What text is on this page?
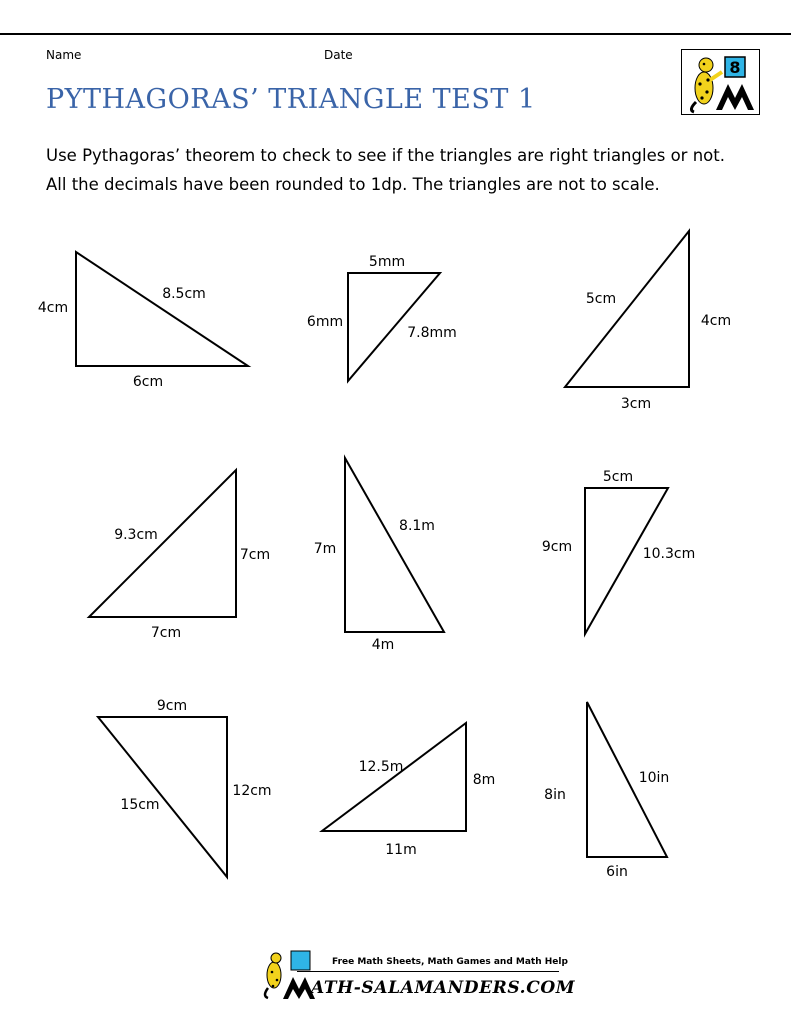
Name	Date
PYTHAGORAS’ TRIANGLE TEST 1
8
Use Pythagoras’ theorem to check to see if the triangles are right triangles or not.
All the decimals have been rounded to 1dp. The triangles are not to scale.
4cm
8.5cm
6cm
5mm
6mm
7.8mm
5cm
4cm
3cm
9.3cm
7cm
7cm
7m
8.1m
4m
5cm
9cm	10.3cm
9cm
15cm
12cm
12.5m
8m
11m
8in
10in
6in
Free Math Sheets, Math Games and Math Help
ATH-SALAMANDERS.COM
